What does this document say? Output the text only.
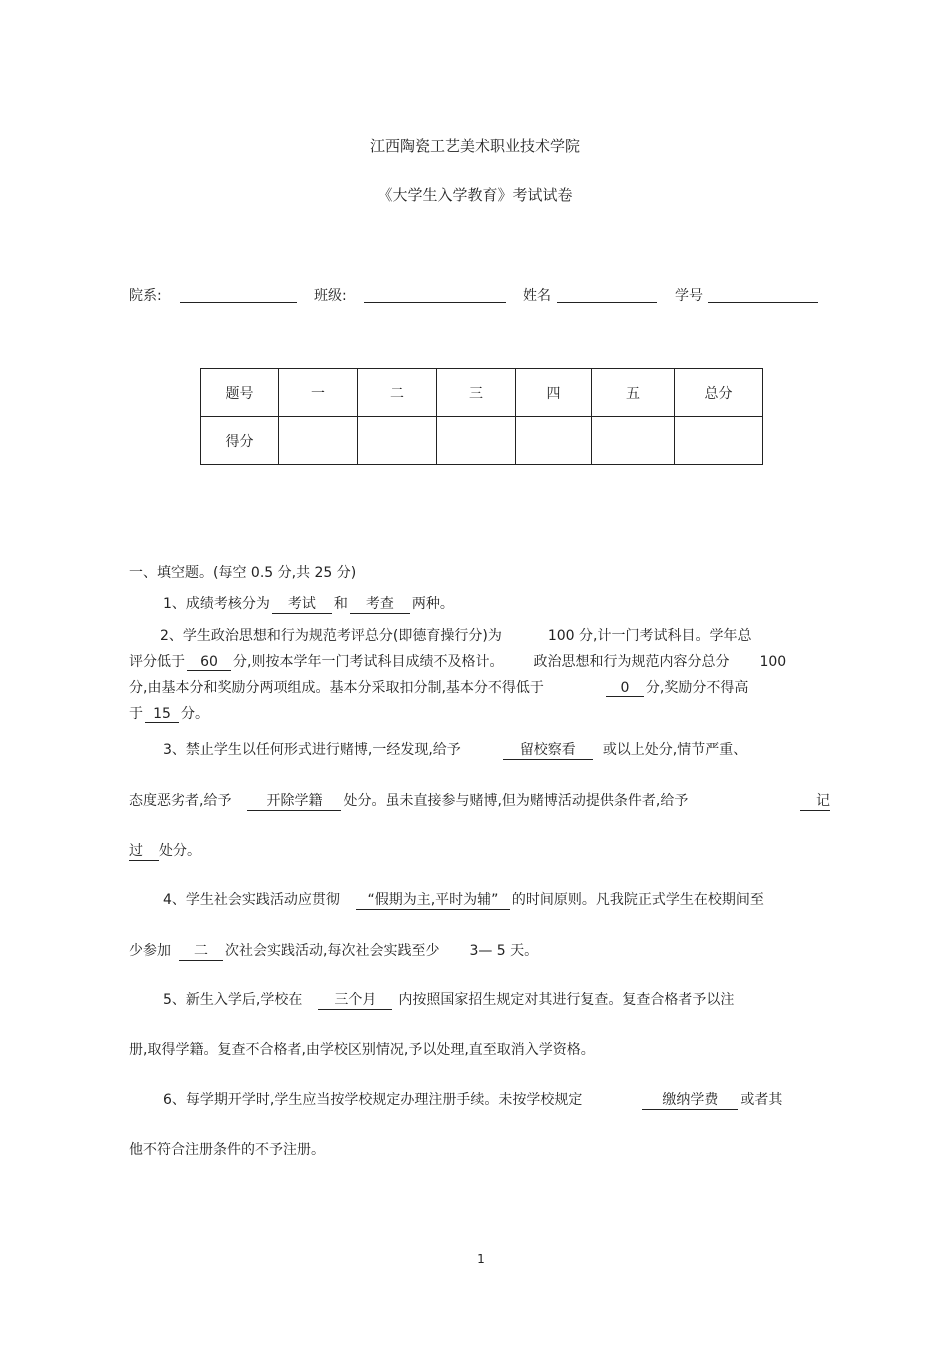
江西陶瓷工艺美术职业技术学院
《大学生入学教育》考试试卷
院系:	班级:	姓名	学号
题号	一	二	三	四	五	总分
得分						
一、填空题。(每空 0.5 分,共 25 分)
1、成绩考核分为 考试 和 考查 两种。
2、学生政治思想和行为规范考评总分(即德育操行分)为	100 分,计一门考试科目。学年总
评分低于 60 分,则按本学年一门考试科目成绩不及格计。 政治思想和行为规范内容分总分 100
分,由基本分和奖励分两项组成。基本分采取扣分制,基本分不得低于	0 分,奖励分不得高
于 15 分。
3、禁止学生以任何形式进行赌博,一经发现,给予	留校察看 或以上处分,情节严重、
态度恶劣者,给予	开除学籍 处分。虽未直接参与赌博,但为赌博活动提供条件者,给予	记
过 处分。
4、学生社会实践活动应贯彻 “假期为主,平时为辅” 的时间原则。凡我院正式学生在校期间至
少参加 二 次社会实践活动,每次社会实践至少 3— 5 天。
5、新生入学后,学校在 三个月 内按照国家招生规定对其进行复查。复查合格者予以注
册,取得学籍。复查不合格者,由学校区别情况,予以处理,直至取消入学资格。
6、每学期开学时,学生应当按学校规定办理注册手续。未按学校规定	缴纳学费 或者其
他不符合注册条件的不予注册。
1
